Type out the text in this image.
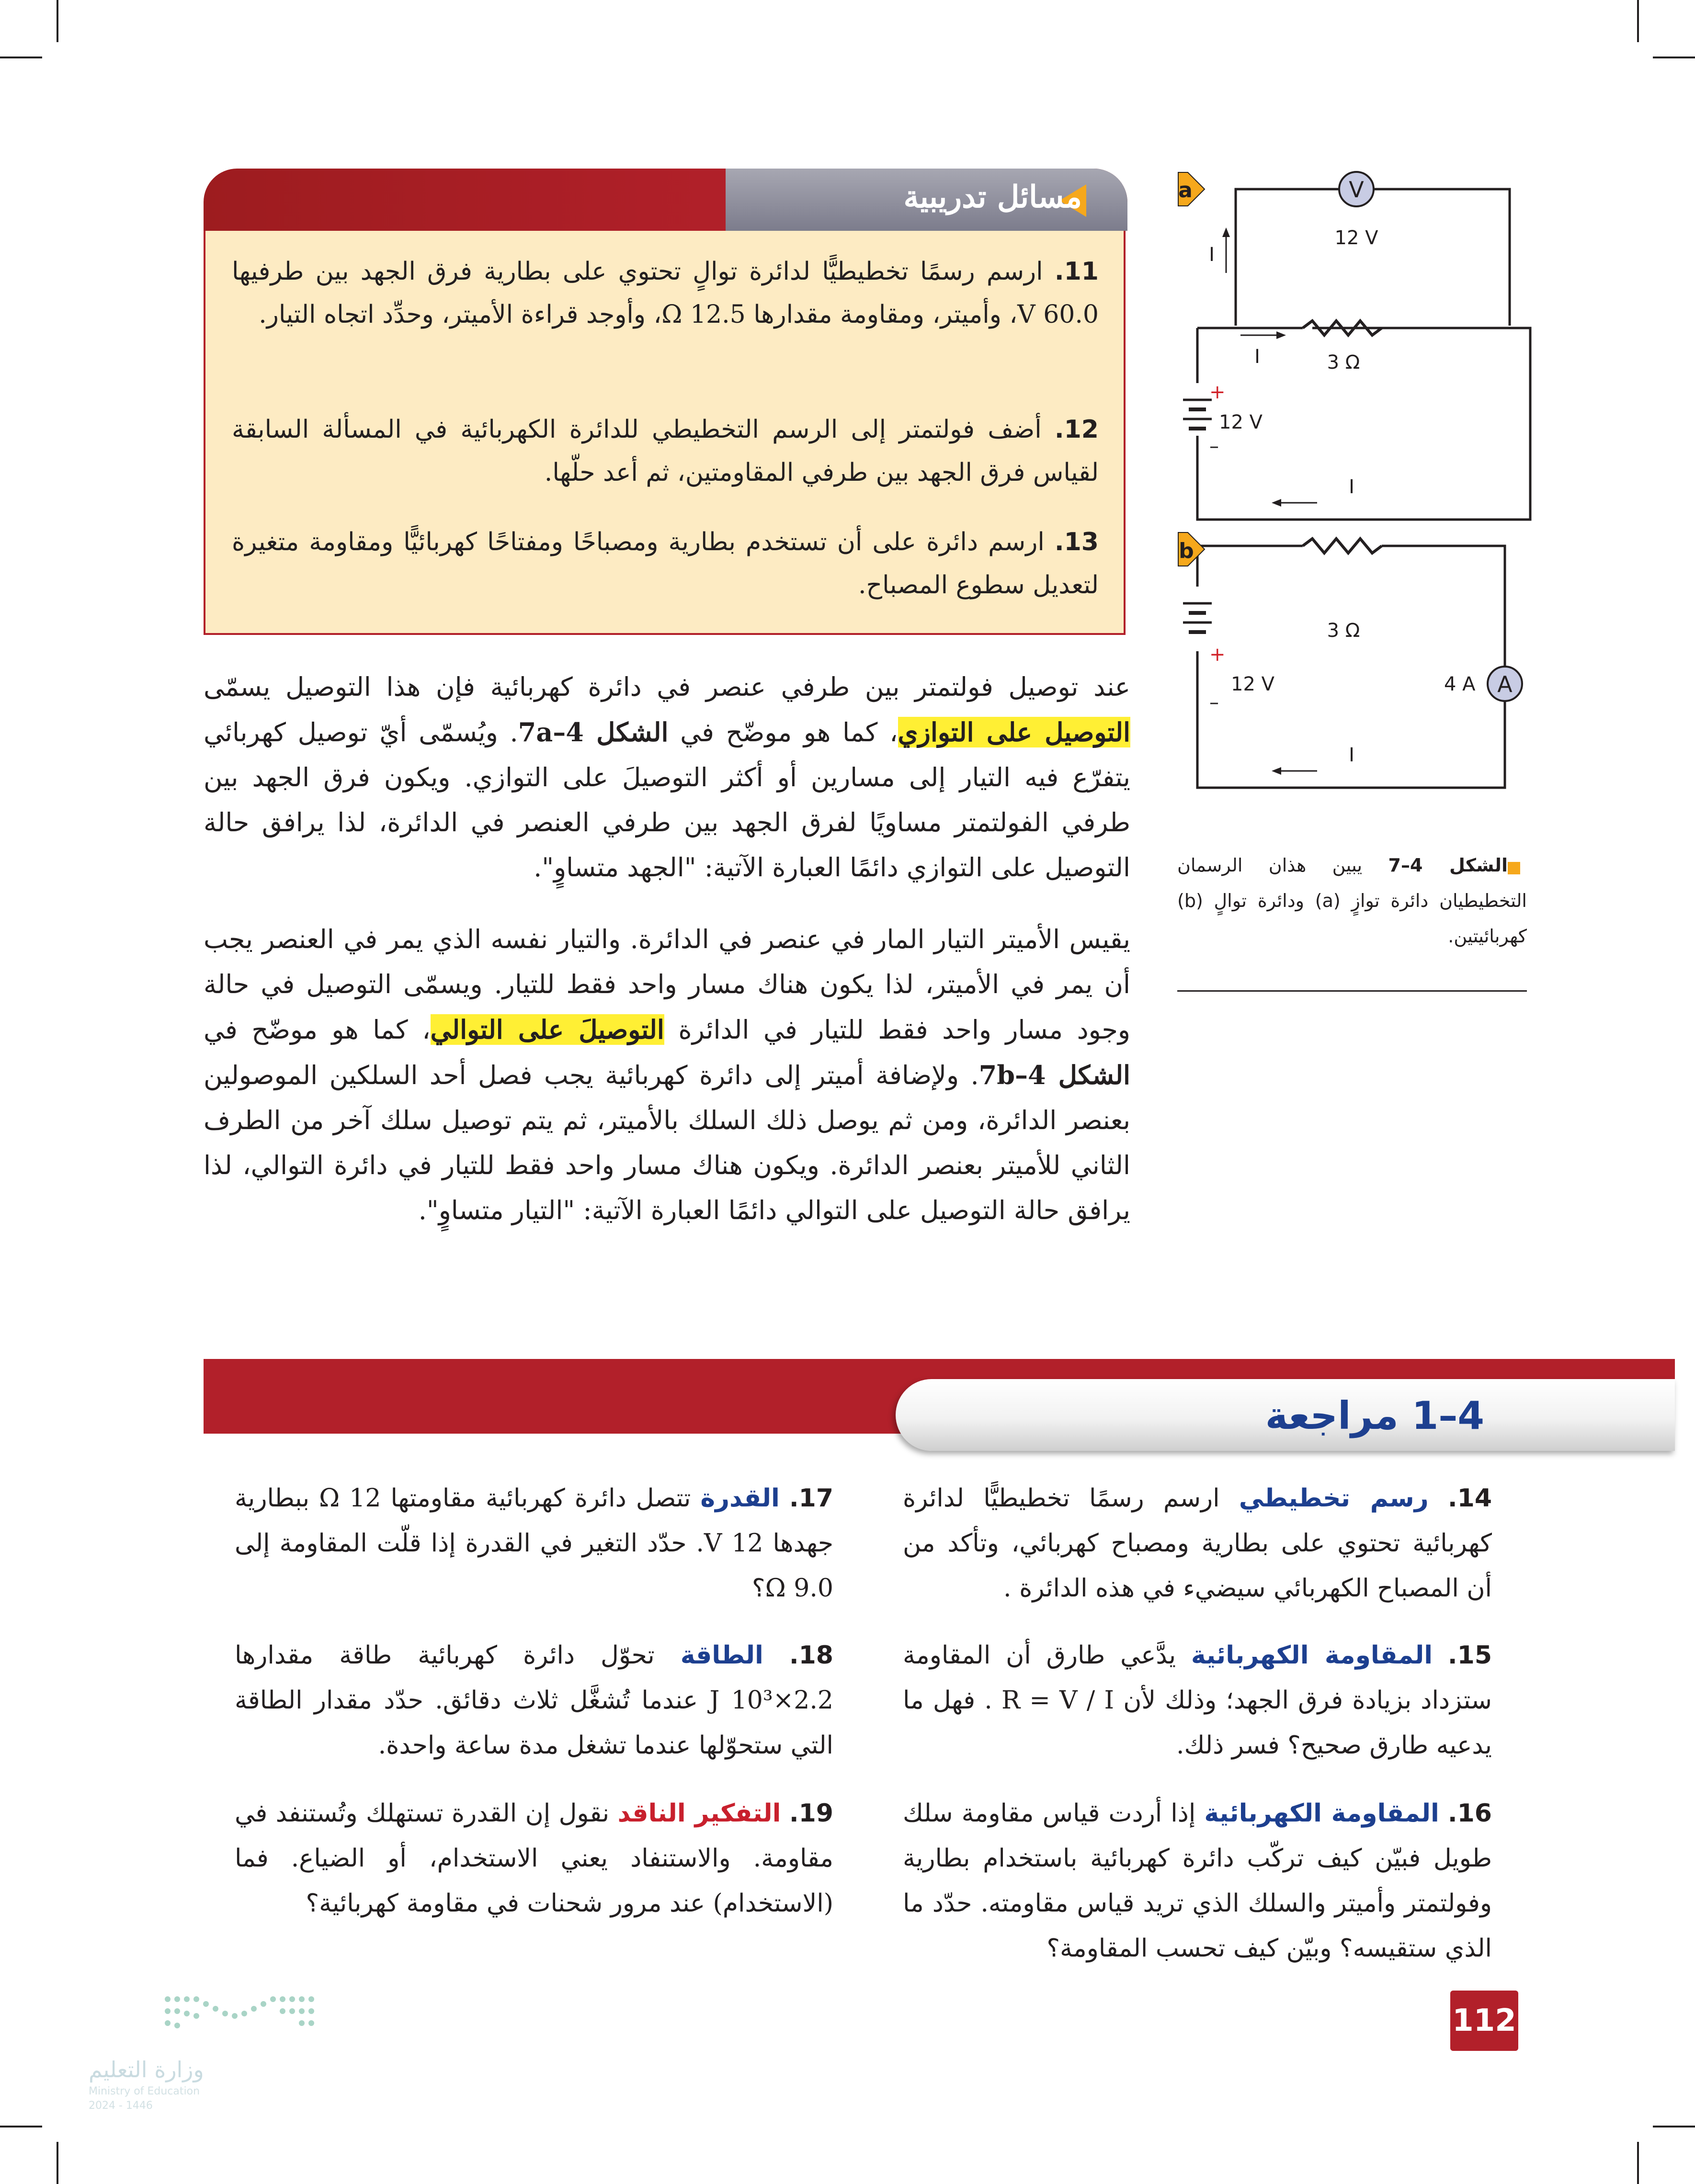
مسائل تدريبية
11. ارسم رسمًا تخطيطيًّا لدائرة توالٍ تحتوي على بطارية فرق الجهد بين طرفيها 60.0 V، وأميتر، ومقاومة مقدارها 12.5 Ω، وأوجد قراءة الأميتر، وحدِّد اتجاه التيار.
12. أضف فولتمتر إلى الرسم التخطيطي للدائرة الكهربائية في المسألة السابقة لقياس فرق الجهد بين طرفي المقاومتين، ثم أعد حلّها.
13. ارسم دائرة على أن تستخدم بطارية ومصباحًا ومفتاحًا كهربائيًّا ومقاومة متغيرة لتعديل سطوع المصباح.
عند توصيل فولتمتر بين طرفي عنصر في دائرة كهربائية فإن هذا التوصيل يسمّى التوصيل على التوازي، كما هو موضّح في الشكل 4–7a. ويُسمّى أيّ توصيل كهربائي يتفرّع فيه التيار إلى مسارين أو أكثر التوصيلَ على التوازي. ويكون فرق الجهد بين طرفي الفولتمتر مساويًا لفرق الجهد بين طرفي العنصر في الدائرة، لذا يرافق حالة التوصيل على التوازي دائمًا العبارة الآتية: "الجهد متساوٍ".
يقيس الأميتر التيار المار في عنصر في الدائرة. والتيار نفسه الذي يمر في العنصر يجب أن يمر في الأميتر، لذا يكون هناك مسار واحد فقط للتيار. ويسمّى التوصيل في حالة وجود مسار واحد فقط للتيار في الدائرة التوصيلَ على التوالي، كما هو موضّح في الشكل 4–7b. ولإضافة أميتر إلى دائرة كهربائية يجب فصل أحد السلكين الموصولين بعنصر الدائرة، ومن ثم يوصل ذلك السلك بالأميتر، ثم يتم توصيل سلك آخر من الطرف الثاني للأميتر بعنصر الدائرة. ويكون هناك مسار واحد فقط للتيار في دائرة التوالي، لذا يرافق حالة التوصيل على التوالي دائمًا العبارة الآتية: "التيار متساوٍ".
V
A
a
12 V
3 Ω
12 V
+
–
I
I
I
b
3 Ω
12 V
+
–
4 A
I
الشكل 4–7 يبين هذان الرسمان التخطيطيان دائرة توازٍ (a) ودائرة توالٍ (b) كهربائيتين.
4–1 مراجعة
14. رسم تخطيطي ارسم رسمًا تخطيطيًّا لدائرة كهربائية تحتوي على بطارية ومصباح كهربائي، وتأكد من أن المصباح الكهربائي سيضيء في هذه الدائرة .
15. المقاومة الكهربائية يدَّعي طارق أن المقاومة ستزداد بزيادة فرق الجهد؛ وذلك لأن R = V / I . فهل ما يدعيه طارق صحيح؟ فسر ذلك.
16. المقاومة الكهربائية إذا أردت قياس مقاومة سلك طويل فبيّن كيف تركّب دائرة كهربائية باستخدام بطارية وفولتمتر وأميتر والسلك الذي تريد قياس مقاومته. حدّد ما الذي ستقيسه؟ وبيّن كيف تحسب المقاومة؟
17. القدرة تتصل دائرة كهربائية مقاومتها 12 Ω ببطارية جهدها 12 V. حدّد التغير في القدرة إذا قلّت المقاومة إلى 9.0 Ω؟
18. الطاقة تحوّل دائرة كهربائية طاقة مقدارها 2.2×10³ J عندما تُشغَّل ثلاث دقائق. حدّد مقدار الطاقة التي ستحوّلها عندما تشغل مدة ساعة واحدة.
19. التفكير الناقد نقول إن القدرة تستهلك وتُستنفد في مقاومة. والاستنفاد يعني الاستخدام، أو الضياع. فما (الاستخدام) عند مرور شحنات في مقاومة كهربائية؟
وزارة التعليم
Ministry of Education
2024 - 1446
112
